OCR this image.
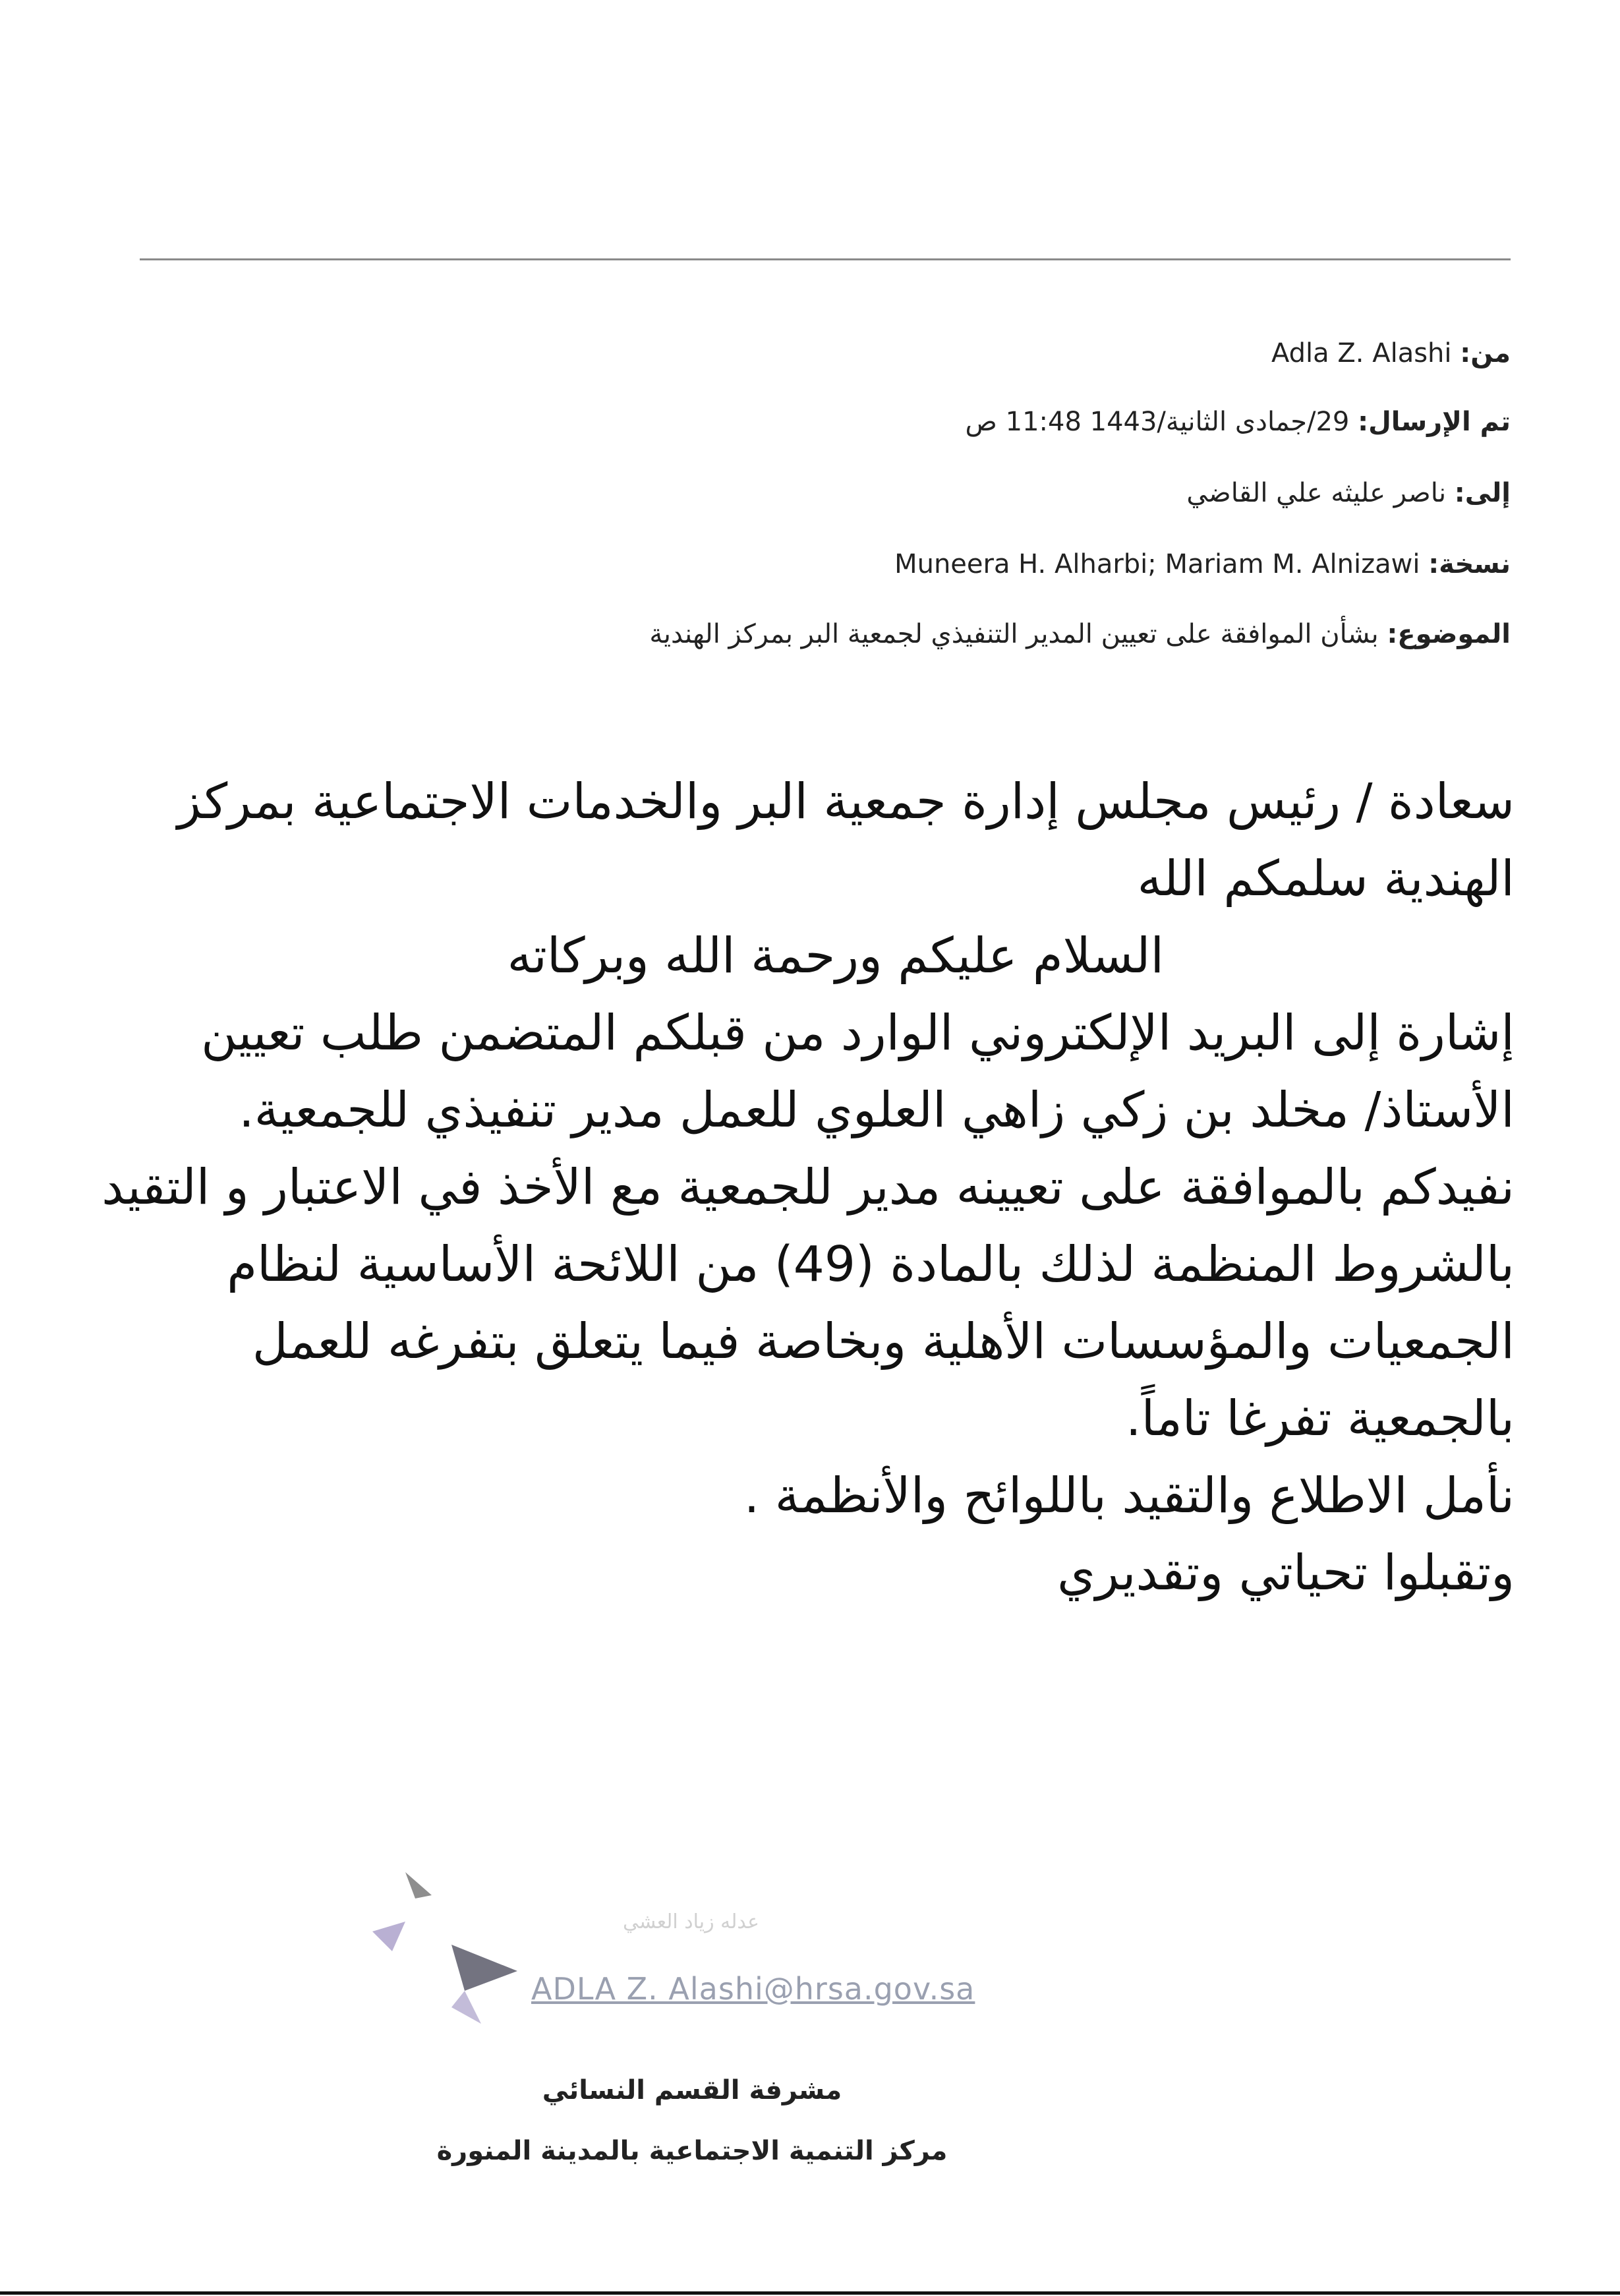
من: Adla Z. Alashi
تم الإرسال: 29/جمادى الثانية/1443 11:48 ص
إلى: ناصر عليثه علي القاضي
نسخة: Muneera H. Alharbi; Mariam M. Alnizawi
الموضوع: بشأن الموافقة على تعيين المدير التنفيذي لجمعية البر بمركز الهندية
سعادة / رئيس مجلس إدارة جمعية البر والخدمات الاجتماعية بمركز
الهندية سلمكم الله
السلام عليكم ورحمة الله وبركاته
إشارة إلى البريد الإلكتروني الوارد من قبلكم المتضمن طلب تعيين
الأستاذ/ مخلد بن زكي زاهي العلوي للعمل مدير تنفيذي للجمعية.
نفيدكم بالموافقة على تعيينه مدير للجمعية مع الأخذ في الاعتبار و التقيد
بالشروط المنظمة لذلك بالمادة (49) من اللائحة الأساسية لنظام
الجمعيات والمؤسسات الأهلية وبخاصة فيما يتعلق بتفرغه للعمل
بالجمعية تفرغا تاماً.
نأمل الاطلاع والتقيد باللوائح والأنظمة .
وتقبلوا تحياتي وتقديري
عدله زياد العشي
ADLA Z. Alashi@hrsa.gov.sa
مشرفة القسم النسائي
مركز التنمية الاجتماعية بالمدينة المنورة
